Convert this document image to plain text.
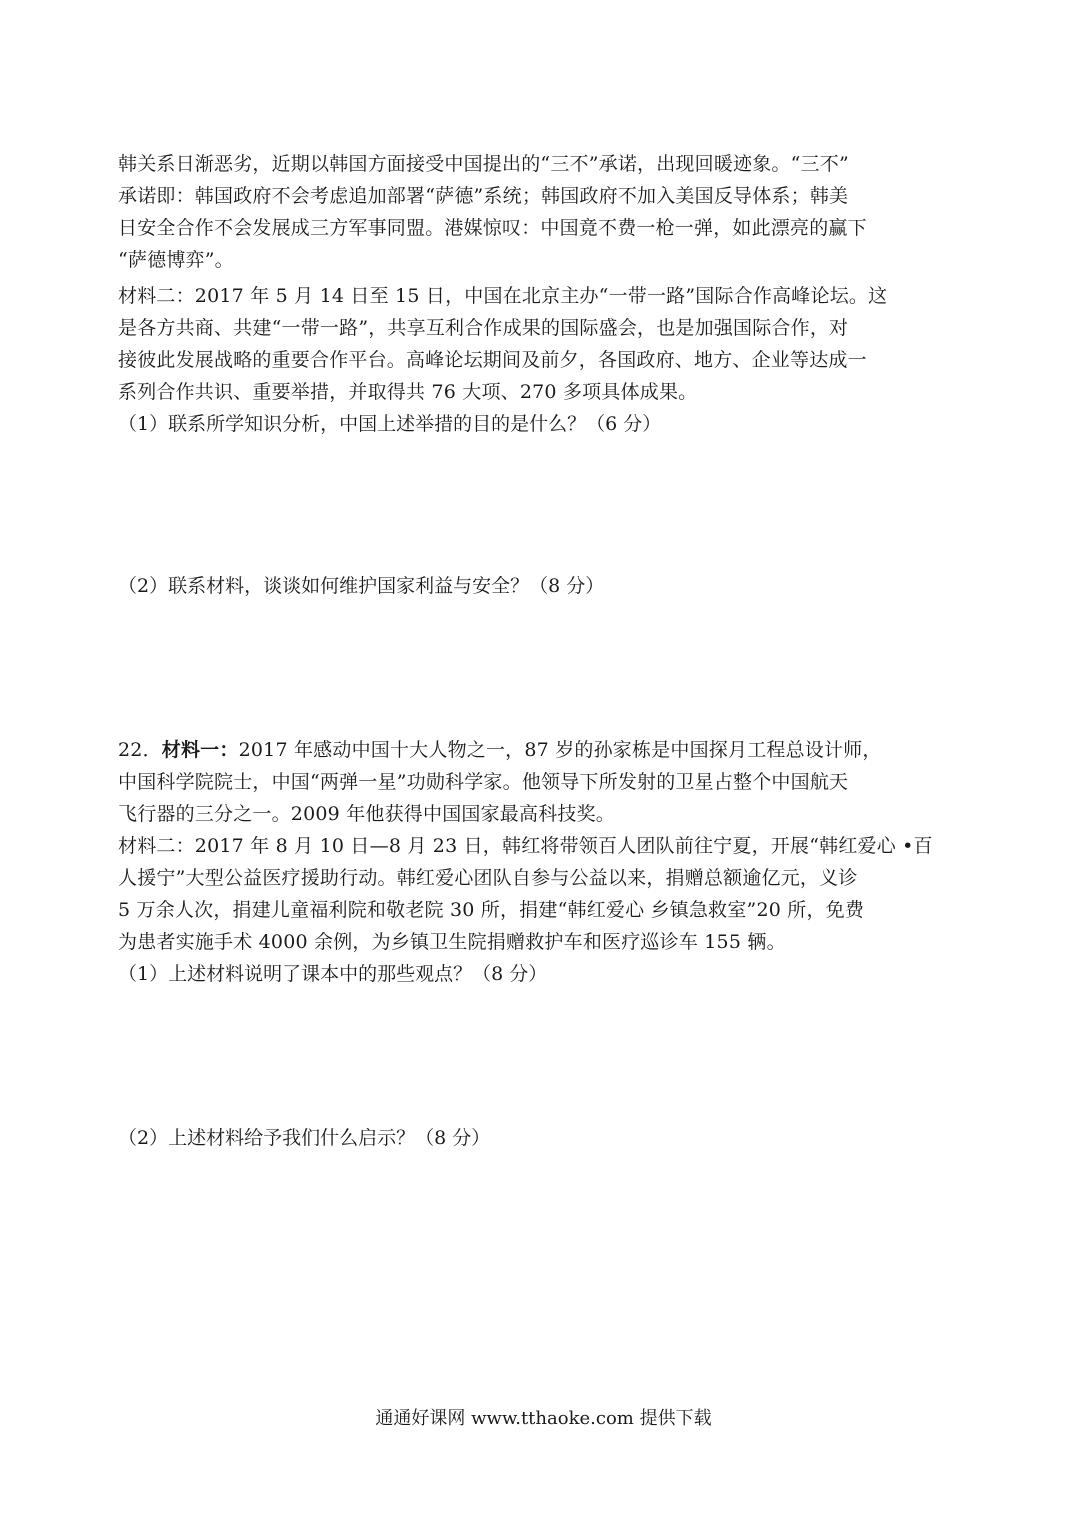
韩关系日渐恶劣，近期以韩国方面接受中国提出的“三不”承诺，出现回暖迹象。“三不”
承诺即：韩国政府不会考虑追加部署“萨德”系统；韩国政府不加入美国反导体系；韩美
日安全合作不会发展成三方军事同盟。港媒惊叹：中国竟不费一枪一弹，如此漂亮的赢下
“萨德博弈”。
材料二：2017 年 5 月 14 日至 15 日，中国在北京主办“一带一路”国际合作高峰论坛。这
是各方共商、共建“一带一路”，共享互利合作成果的国际盛会，也是加强国际合作，对
接彼此发展战略的重要合作平台。高峰论坛期间及前夕，各国政府、地方、企业等达成一
系列合作共识、重要举措，并取得共 76 大项、270 多项具体成果。
（1）联系所学知识分析，中国上述举措的目的是什么？（6 分）
（2）联系材料，谈谈如何维护国家利益与安全？（8 分）
22．材料一：2017 年感动中国十大人物之一，87 岁的孙家栋是中国探月工程总设计师，
中国科学院院士，中国“两弹一星”功勋科学家。他领导下所发射的卫星占整个中国航天
飞行器的三分之一。2009 年他获得中国国家最高科技奖。
材料二：2017 年 8 月 10 日—8 月 23 日，韩红将带领百人团队前往宁夏，开展“韩红爱心 •百
人援宁”大型公益医疗援助行动。韩红爱心团队自参与公益以来，捐赠总额逾亿元，义诊
5 万余人次，捐建儿童福利院和敬老院 30 所，捐建“韩红爱心 乡镇急救室”20 所，免费
为患者实施手术 4000 余例，为乡镇卫生院捐赠救护车和医疗巡诊车 155 辆。
（1）上述材料说明了课本中的那些观点？（8 分）
（2）上述材料给予我们什么启示？（8 分）
通通好课网 www.tthaoke.com 提供下载
